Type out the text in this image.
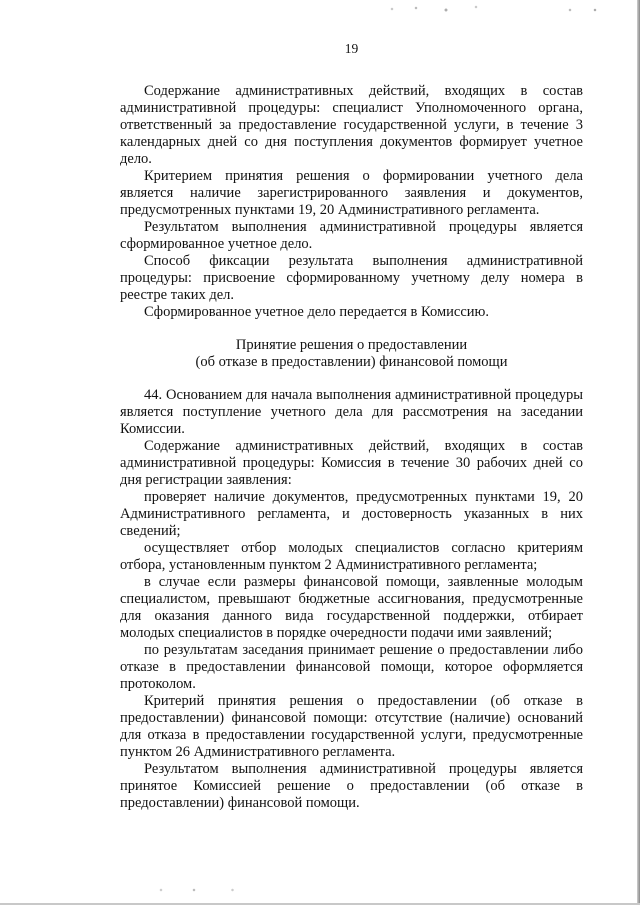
19

Содержание административных действий, входящих в состав административной процедуры: специалист Уполномоченного органа, ответственный за предоставление государственной услуги, в течение 3 календарных дней со дня поступления документов формирует учетное дело.

Критерием принятия решения о формировании учетного дела является наличие зарегистрированного заявления и документов, предусмотренных пунктами 19, 20 Административного регламента.

Результатом выполнения административной процедуры является сформированное учетное дело.

Способ фиксации результата выполнения административной процедуры: присвоение сформированному учетному делу номера в реестре таких дел.

Сформированное учетное дело передается в Комиссию.

Принятие решения о предоставлении
(об отказе в предоставлении) финансовой помощи

44. Основанием для начала выполнения административной процедуры является поступление учетного дела для рассмотрения на заседании Комиссии.

Содержание административных действий, входящих в состав административной процедуры: Комиссия в течение 30 рабочих дней со дня регистрации заявления:

проверяет наличие документов, предусмотренных пунктами 19, 20 Административного регламента, и достоверность указанных в них сведений;

осуществляет отбор молодых специалистов согласно критериям отбора, установленным пунктом 2 Административного регламента;

в случае если размеры финансовой помощи, заявленные молодым специалистом, превышают бюджетные ассигнования, предусмотренные для оказания данного вида государственной поддержки, отбирает молодых специалистов в порядке очередности подачи ими заявлений;

по результатам заседания принимает решение о предоставлении либо отказе в предоставлении финансовой помощи, которое оформляется протоколом.

Критерий принятия решения о предоставлении (об отказе в предоставлении) финансовой помощи: отсутствие (наличие) оснований для отказа в предоставлении государственной услуги, предусмотренные пунктом 26 Административного регламента.

Результатом выполнения административной процедуры является принятое Комиссией решение о предоставлении (об отказе в предоставлении) финансовой помощи.
